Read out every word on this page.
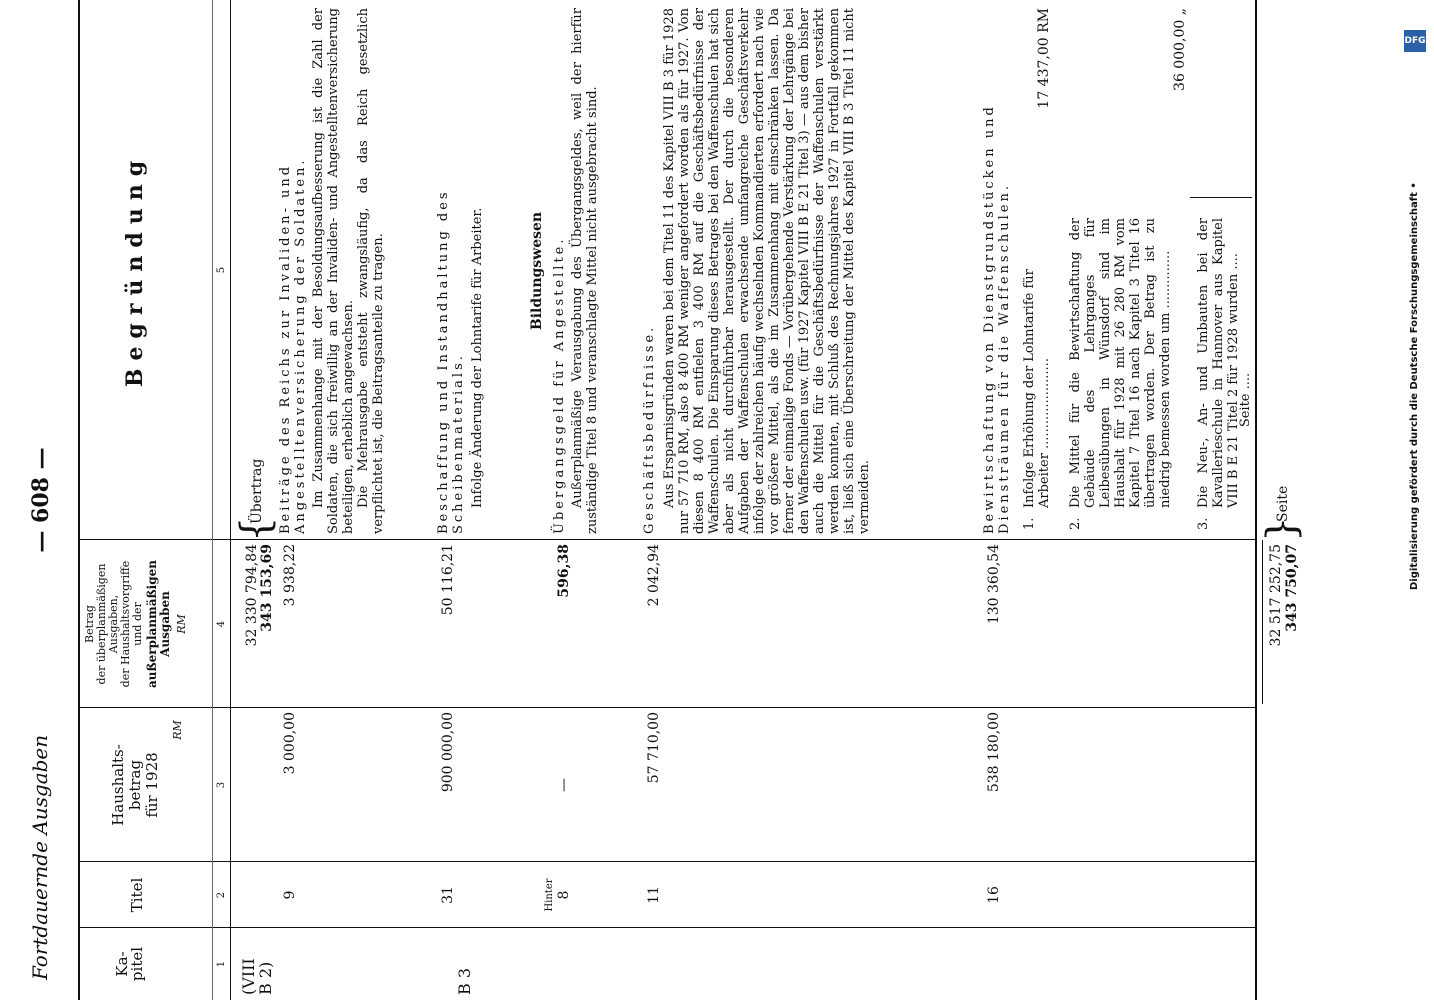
Fortdauernde Ausgaben
— 608 —
Ka-
pitel
Titel
Haushalts-
betrag
für 1928
RM
Betrag
der überplanmäßigen
Ausgaben,
der Haushaltsvorgriffe
und der außerplanmäßigen
Ausgaben RM
Begründung
1
2
3
4
5
(VIII
B 2)	B 3
32 330 794,84 343 153,69
{
Übertrag
9
3 000,00
3 938,22
Beiträge des Reichs zur Invaliden- und Angestelltenversicherung der Soldaten. Im Zusammenhange mit der Besoldungsaufbesserung ist die Zahl der Soldaten, die sich freiwillig an der Invaliden- und Angestelltenversicherung beteiligen, erheblich angewachsen. Die Mehrausgabe entsteht zwangsläufig, da das Reich gesetzlich verpflichtet ist, die Beitragsanteile zu tragen.
31
900 000,00
50 116,21
Beschaffung und Instandhaltung des Scheibenmaterials. Infolge Änderung der Lohntarife für Arbeiter.	Bildungswesen
Hinter 8
—
596,38
Übergangsgeld für Angestellte. Außerplanmäßige Verausgabung des Übergangsgeldes, weil der hierfür zuständige Titel 8 und veranschlagte Mittel nicht ausgebracht sind.
11
57 710,00
2 042,94
Geschäftsbedürfnisse. Aus Ersparnisgründen waren bei dem Titel 11 des Kapitel VIII B 3 für 1928 nur 57 710 RM, also 8 400 RM weniger angefordert worden als für 1927. Von diesen 8 400 RM entfielen 3 400 RM auf die Geschäftsbedürfnisse der Waffenschulen. Die Einsparung dieses Betrages bei den Waffenschulen hat sich aber als nicht durchführbar herausgestellt. Der durch die besonderen Aufgaben der Waffenschulen erwachsende umfangreiche Geschäftsverkehr infolge der zahlreichen häufig wechselnden Kommandierten erfordert nach wie vor größere Mittel, als die im Zusammenhang mit einschränken lassen. Da ferner der einmalige Fonds — Vorübergehende Verstärkung der Lehrgänge bei den Waffenschulen usw. (für 1927 Kapitel VIII B E 21 Titel 3) — aus dem bisher auch die Mittel für die Geschäftsbedürfnisse der Waffenschulen verstärkt werden konnten, mit Schluß des Rechnungsjahres 1927 in Fortfall gekommen ist, ließ sich eine Überschreitung der Mittel des Kapitel VIII B 3 Titel 11 nicht vermeiden.
16
538 180,00
130 360,54
Bewirtschaftung von Dienstgrundstücken und Diensträumen für die Waffenschulen. 1.
Infolge Erhöhung der Lohntarife für Arbeiter ......................
17 437,00 RM
2.
Die Mittel für die Bewirtschaftung der Gebäude des Lehrganges für Leibesübungen in Wünsdorf sind im Haushalt für 1928 mit 26 280 RM vom Kapitel 7 Titel 16 nach Kapitel 3 Titel 16 übertragen worden. Der Betrag ist zu niedrig bemessen worden um ..............
36 000,00 „
3.
Die Neu-, An- und Umbauten bei der Kavallerieschule in Hannover aus Kapitel VIII B E 21 Titel 2 für 1928 wurden ....
Seite ....
32 517 252,75 343 750,07
}
Seite
DFG
Digitalisierung gefördert durch die Deutsche Forschungsgemeinschaft •
